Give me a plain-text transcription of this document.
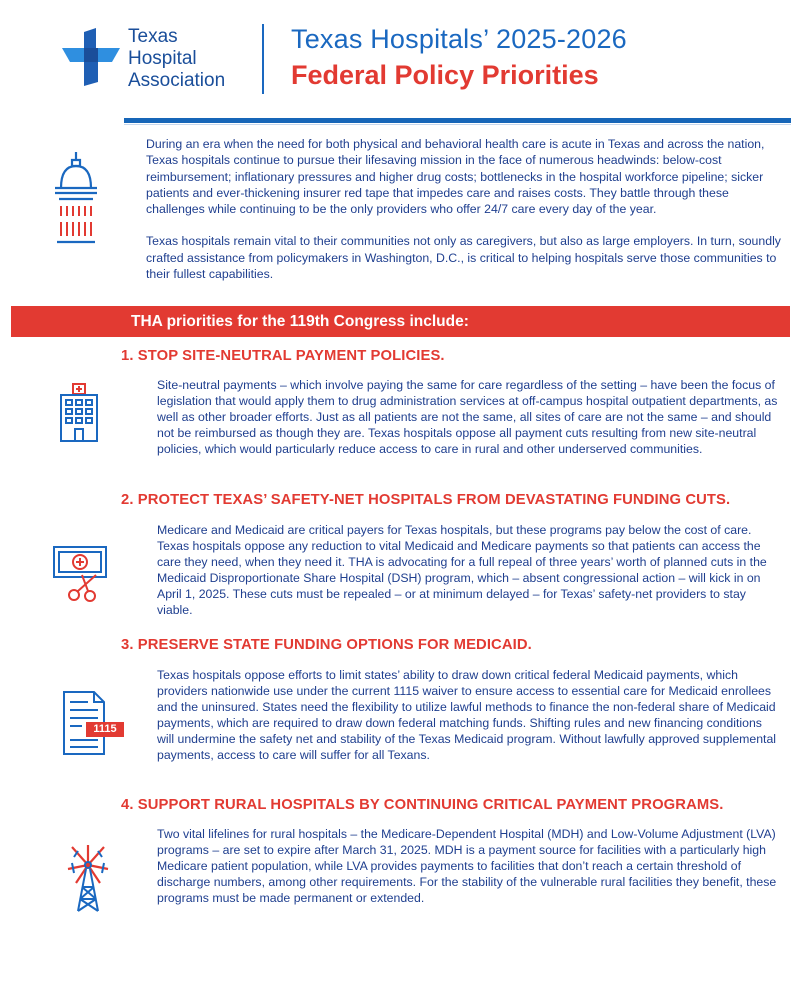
Texas
Hospital
Association
Texas Hospitals’ 2025-2026
Federal Policy Priorities

During an era when the need for both physical and behavioral health care is acute in Texas and across the nation, Texas hospitals continue to pursue their lifesaving mission in the face of numerous headwinds: below-cost reimbursement; inflationary pressures and higher drug costs; bottlenecks in the hospital workforce pipeline; sicker patients and ever-thickening insurer red tape that impedes care and raises costs. They battle through these challenges while continuing to be the only providers who offer 24/7 care every day of the year.

Texas hospitals remain vital to their communities not only as caregivers, but also as large employers. In turn, soundly crafted assistance from policymakers in Washington, D.C., is critical to helping hospitals serve those communities to their fullest capabilities.

THA priorities for the 119th Congress include:
1. STOP SITE-NEUTRAL PAYMENT POLICIES.

Site-neutral payments – which involve paying the same for care regardless of the setting – have been the focus of legislation that would apply them to drug administration services at off-campus hospital outpatient departments, as well as other broader efforts. Just as all patients are not the same, all sites of care are not the same – and should not be reimbursed as though they are. Texas hospitals oppose all payment cuts resulting from new site-neutral policies, which would particularly reduce access to care in rural and other underserved communities.

2. PROTECT TEXAS’ SAFETY-NET HOSPITALS FROM DEVASTATING FUNDING CUTS.

Medicare and Medicaid are critical payers for Texas hospitals, but these programs pay below the cost of care. Texas hospitals oppose any reduction to vital Medicaid and Medicare payments so that patients can access the care they need, when they need it. THA is advocating for a full repeal of three years’ worth of planned cuts in the Medicaid Disproportionate Share Hospital (DSH) program, which – absent congressional action – will kick in on April 1, 2025. These cuts must be repealed – or at minimum delayed – for Texas’ safety-net providers to stay viable.

3. PRESERVE STATE FUNDING OPTIONS FOR MEDICAID.
1115

Texas hospitals oppose efforts to limit states’ ability to draw down critical federal Medicaid payments, which providers nationwide use under the current 1115 waiver to ensure access to essential care for Medicaid enrollees and the uninsured. States need the flexibility to utilize lawful methods to finance the non-federal share of Medicaid payments, which are required to draw down federal matching funds. Shifting rules and new financing conditions will undermine the safety net and stability of the Texas Medicaid program. Without lawfully approved supplemental payments, access to care will suffer for all Texans.

4. SUPPORT RURAL HOSPITALS BY CONTINUING CRITICAL PAYMENT PROGRAMS.

Two vital lifelines for rural hospitals – the Medicare-Dependent Hospital (MDH) and Low-Volume Adjustment (LVA) programs – are set to expire after March 31, 2025. MDH is a payment source for facilities with a particularly high Medicare patient population, while LVA provides payments to facilities that don’t reach a certain threshold of discharge numbers, among other requirements. For the stability of the vulnerable rural facilities they benefit, these programs must be made permanent or extended.
